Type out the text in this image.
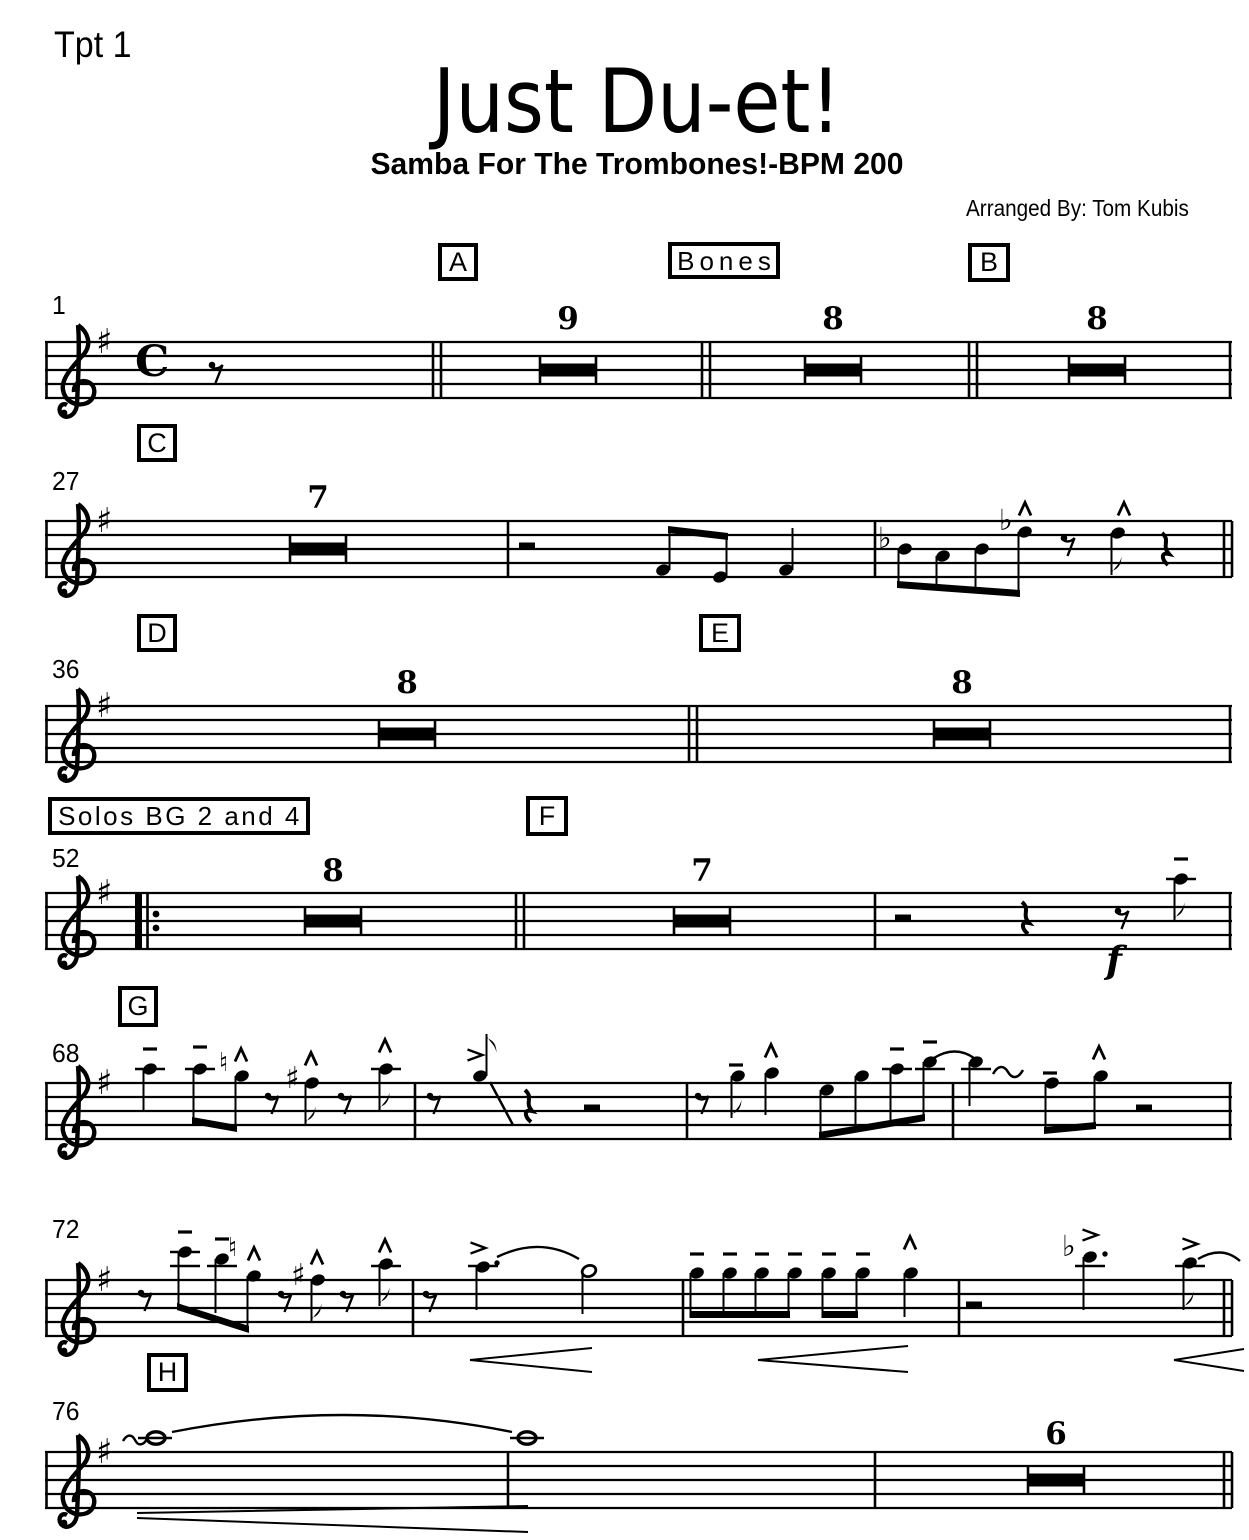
Tpt 1
Just Du-et!
Samba For The Trombones!-BPM 200
Arranged By: Tom Kubis
A	Bones	B
C
D	E
Solos BG 2 and 4	F
G
H
1
27
36
52
68
72
76
9	8	8
7
8	8
8	7
6
♯
♯
♯
♯
♯
♯
♯
C
♭
♭
♮ ♯
♮
♯
♭
f
